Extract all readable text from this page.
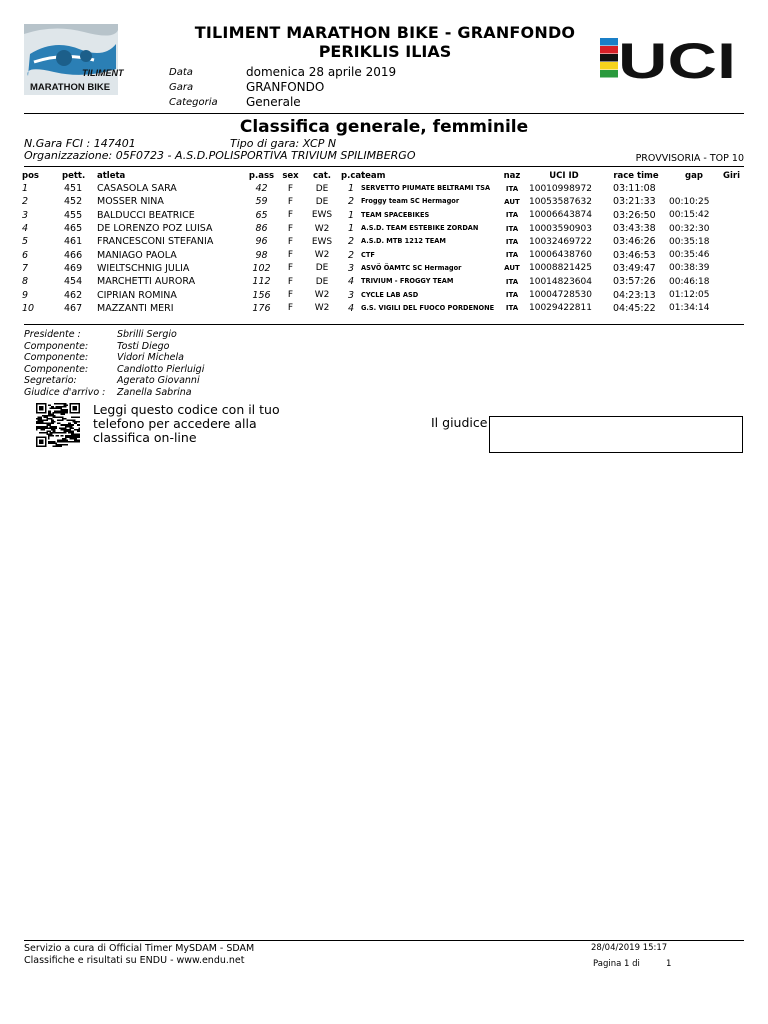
TILIMENT
MARATHON BIKE
TILIMENT MARATHON BIKE - GRANFONDO
PERIKLIS ILIAS
Data	domenica 28 aprile 2019
Gara	GRANFONDO
Categoria Generale
UCI
Classifica generale, femminile
N.Gara FCI : 147401	Tipo di gara: XCP N
Organizzazione: 05F0723 - A.S.D.POLISPORTIVA TRIVIUM SPILIMBERGO	PROVVISORIA - TOP 10
pos	pett.	atleta	p.ass	sex	cat.	p.cat	team	naz	UCI ID	race time	gap	Giri
1	451	CASASOLA SARA	42	F	DE	1	SERVETTO PIUMATE BELTRAMI TSA	ITA	10010998972	03:11:08		
2	452	MOSSER NINA	59	F	DE	2	Froggy team SC Hermagor	AUT	10053587632	03:21:33	00:10:25	
3	455	BALDUCCI BEATRICE	65	F	EWS	1	TEAM SPACEBIKES	ITA	10006643874	03:26:50	00:15:42	
4	465	DE LORENZO POZ LUISA	86	F	W2	1	A.S.D. TEAM ESTEBIKE ZORDAN	ITA	10003590903	03:43:38	00:32:30	
5	461	FRANCESCONI STEFANIA	96	F	EWS	2	A.S.D. MTB 1212 TEAM	ITA	10032469722	03:46:26	00:35:18	
6	466	MANIAGO PAOLA	98	F	W2	2	CTF	ITA	10006438760	03:46:53	00:35:46	
7	469	WIELTSCHNIG JULIA	102	F	DE	3	ASVÖ ÖAMTC SC Hermagor	AUT	10008821425	03:49:47	00:38:39	
8	454	MARCHETTI AURORA	112	F	DE	4	TRIVIUM - FROGGY TEAM	ITA	10014823604	03:57:26	00:46:18	
9	462	CIPRIAN ROMINA	156	F	W2	3	CYCLE LAB ASD	ITA	10004728530	04:23:13	01:12:05	
10	467	MAZZANTI MERI	176	F	W2	4	G.S. VIGILI DEL FUOCO PORDENONE	ITA	10029422811	04:45:22	01:34:14	
Presidente :	Sbrilli Sergio
Componente:	Tosti Diego
Componente:	Vidori Michela
Componente:	Candiotto Pierluigi
Segretario:	Agerato Giovanni
Giudice d'arrivo :	Zanella Sabrina
Leggi questo codice con il tuo telefono per accedere alla classifica on-line
Il giudice
Servizio a cura di Official Timer MySDAM - SDAM
Classifiche e risultati su ENDU - www.endu.net
28/04/2019 15:17
Pagina 1 di	1
